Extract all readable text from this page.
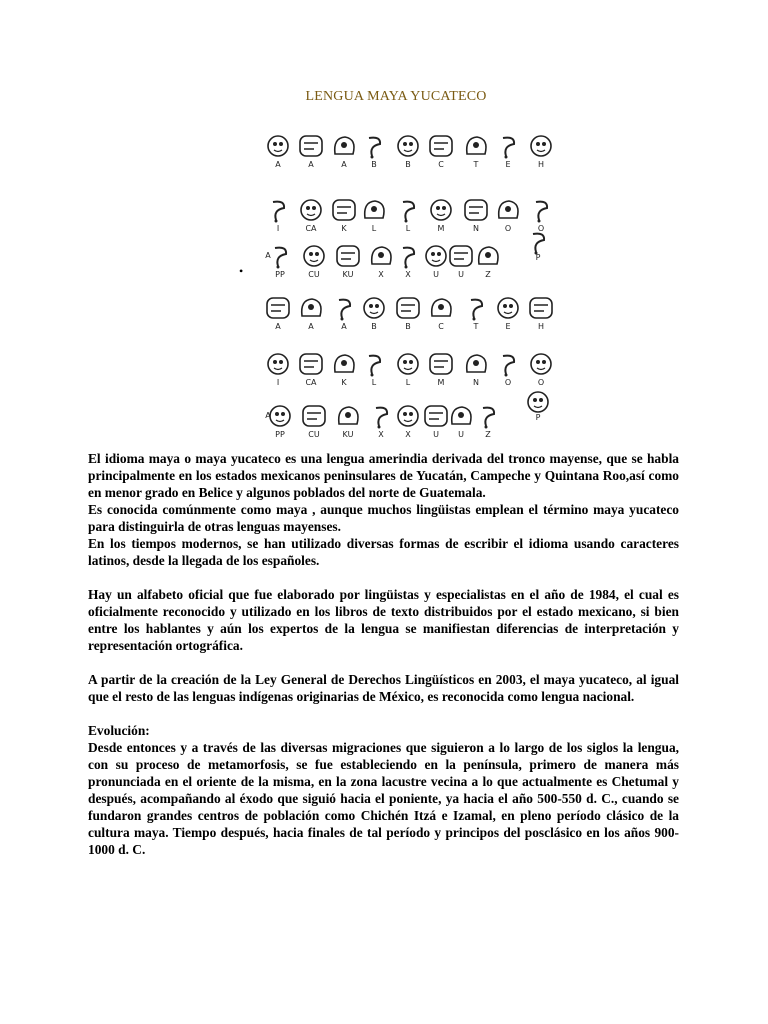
LENGUA MAYA YUCATECO
•
A	A	A	B	B	C	T	E	H
I	CA	K	L	L	M	N	O	O
A
PP	CU	KU	X	X	U U	Z
P
A	A	A	B	B	C	T	E	H
I	CA	K	L	L	M	N	O	O
A
PP	CU	KU	X	X	U U	Z
P

El idioma maya o maya yucateco es una lengua amerindia derivada del tronco mayense, que se habla principalmente en los estados mexicanos peninsulares de Yucatán, Campeche y Quintana Roo,así como en menor grado en Belice y algunos poblados del norte de Guatemala.

Es conocida comúnmente como maya , aunque muchos lingüistas emplean el término maya yucateco para distinguirla de otras lenguas mayenses.

En los tiempos modernos, se han utilizado diversas formas de escribir el idioma usando caracteres latinos, desde la llegada de los españoles.

Hay un alfabeto oficial que fue elaborado por lingüistas y especialistas en el año de 1984, el cual es oficialmente reconocido y utilizado en los libros de texto distribuidos por el estado mexicano, si bien entre los hablantes y aún los expertos de la lengua se manifiestan diferencias de interpretación y representación ortográfica.

A partir de la creación de la Ley General de Derechos Lingüísticos en 2003, el maya yucateco, al igual que el resto de las lenguas indígenas originarias de México, es reconocida como lengua nacional.

Evolución:

Desde entonces y a través de las diversas migraciones que siguieron a lo largo de los siglos la lengua, con su proceso de metamorfosis, se fue estableciendo en la península, primero de manera más pronunciada en el oriente de la misma, en la zona lacustre vecina a lo que actualmente es Chetumal y después, acompañando al éxodo que siguió hacia el poniente, ya hacia el año 500-550 d. C., cuando se fundaron grandes centros de población como Chichén Itzá e Izamal, en pleno período clásico de la cultura maya. Tiempo después, hacia finales de tal período y principos del posclásico en los años 900-1000 d. C.
